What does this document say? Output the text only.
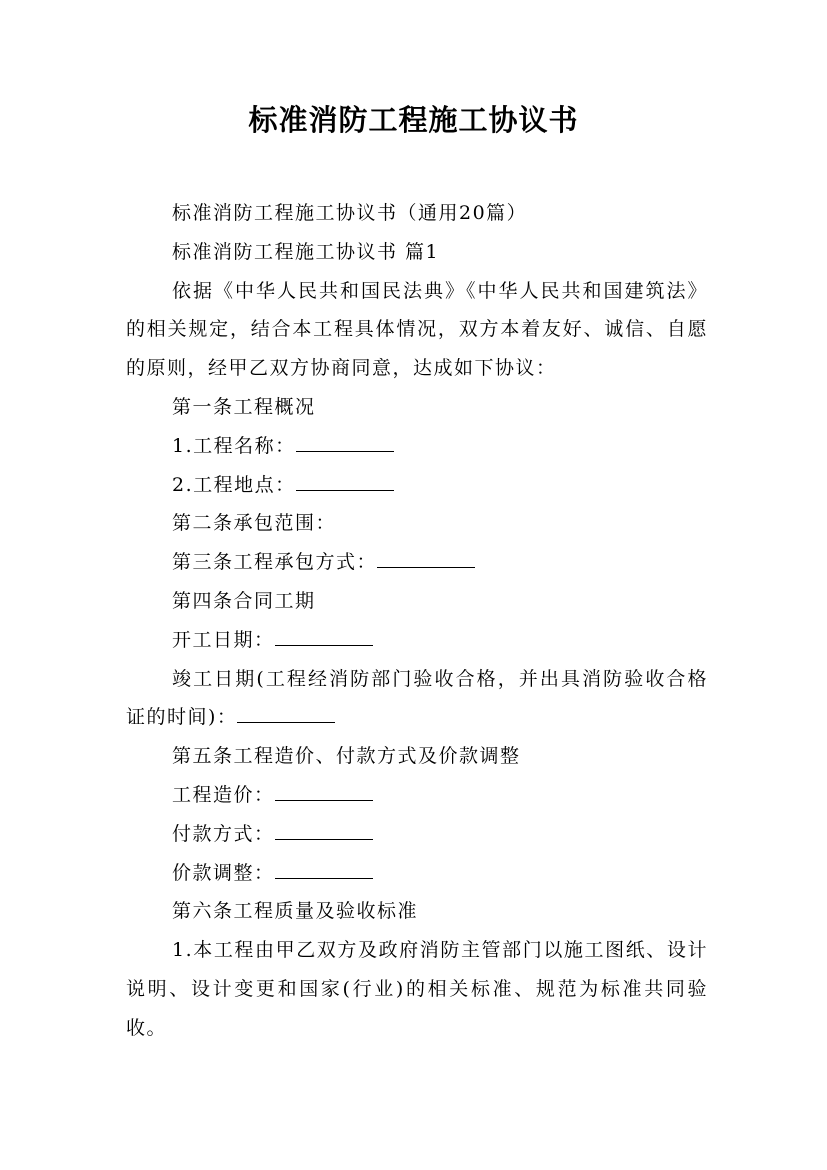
标准消防工程施工协议书

标准消防工程施工协议书（通用20篇）

标准消防工程施工协议书 篇1

依据《中华人民共和国民法典》《中华人民共和国建筑法》的相关规定，结合本工程具体情况，双方本着友好、诚信、自愿的原则，经甲乙双方协商同意，达成如下协议：

第一条工程概况

1.工程名称：

2.工程地点：

第二条承包范围：

第三条工程承包方式：

第四条合同工期

开工日期：

竣工日期(工程经消防部门验收合格，并出具消防验收合格证的时间)：

第五条工程造价、付款方式及价款调整

工程造价：

付款方式：

价款调整：

第六条工程质量及验收标准

1.本工程由甲乙双方及政府消防主管部门以施工图纸、设计说明、设计变更和国家(行业)的相关标准、规范为标准共同验收。
